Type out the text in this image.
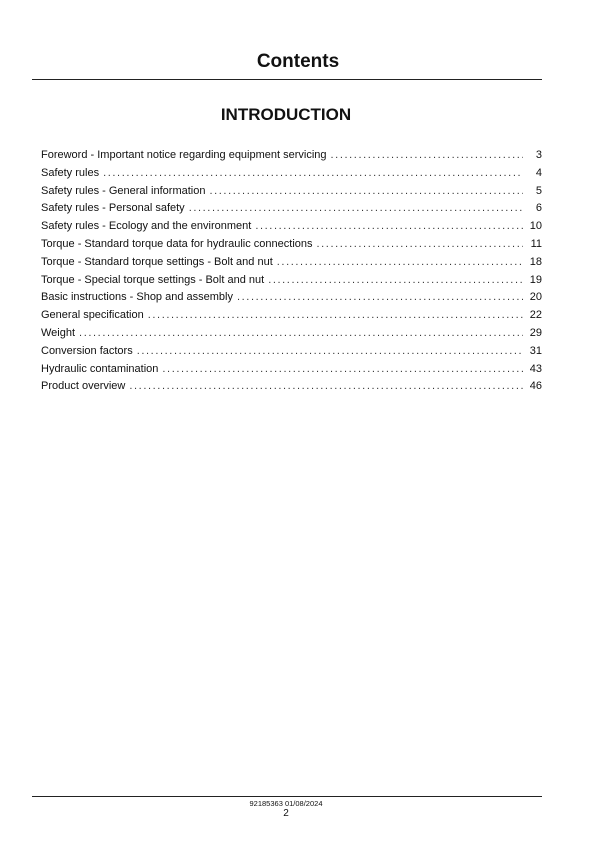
Contents
INTRODUCTION
Foreword - Important notice regarding equipment servicing .....	3
Safety rules .....	4
Safety rules - General information .....	5
Safety rules - Personal safety .....	6
Safety rules - Ecology and the environment .....	10
Torque - Standard torque data for hydraulic connections .....	11
Torque - Standard torque settings - Bolt and nut .....	18
Torque - Special torque settings - Bolt and nut .....	19
Basic instructions - Shop and assembly .....	20
General specification .....	22
Weight .....	29
Conversion factors .....	31
Hydraulic contamination .....	43
Product overview .....	46
92185363 01/08/2024
2
